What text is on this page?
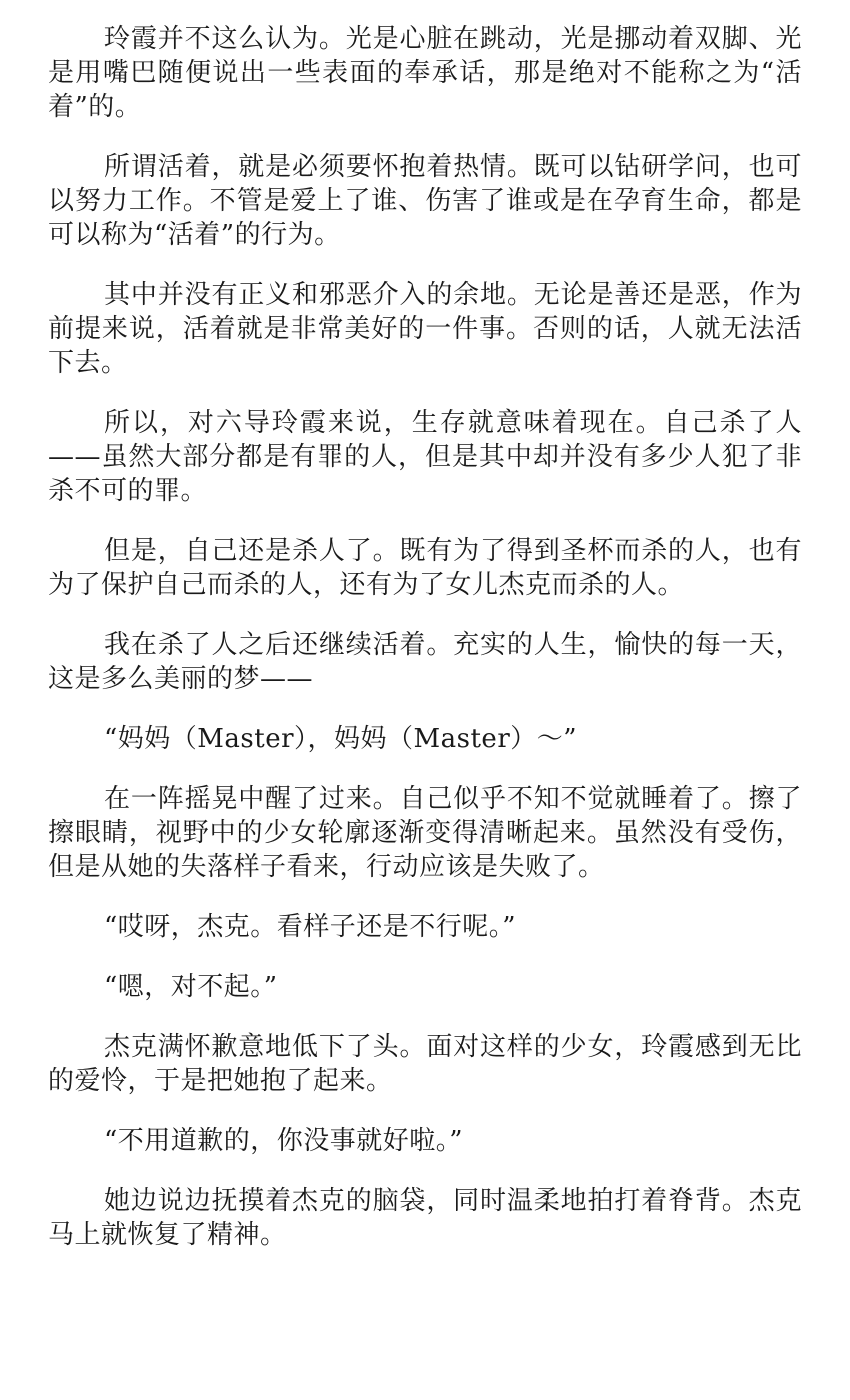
玲霞并不这么认为。光是心脏在跳动，光是挪动着双脚、光是用嘴巴随便说出一些表面的奉承话，那是绝对不能称之为“活着”的。

所谓活着，就是必须要怀抱着热情。既可以钻研学问，也可以努力工作。不管是爱上了谁、伤害了谁或是在孕育生命，都是可以称为“活着”的行为。

其中并没有正义和邪恶介入的余地。无论是善还是恶，作为前提来说，活着就是非常美好的一件事。否则的话，人就无法活下去。

所以，对六导玲霞来说，生存就意味着现在。自己杀了人——虽然大部分都是有罪的人，但是其中却并没有多少人犯了非杀不可的罪。

但是，自己还是杀人了。既有为了得到圣杯而杀的人，也有为了保护自己而杀的人，还有为了女儿杰克而杀的人。

我在杀了人之后还继续活着。充实的人生，愉快的每一天，这是多么美丽的梦——

“妈妈（Master），妈妈（Master）～”

在一阵摇晃中醒了过来。自己似乎不知不觉就睡着了。擦了擦眼睛，视野中的少女轮廓逐渐变得清晰起来。虽然没有受伤，但是从她的失落样子看来，行动应该是失败了。

“哎呀，杰克。看样子还是不行呢。”

“嗯，对不起。”

杰克满怀歉意地低下了头。面对这样的少女，玲霞感到无比的爱怜，于是把她抱了起来。

“不用道歉的，你没事就好啦。”

她边说边抚摸着杰克的脑袋，同时温柔地拍打着脊背。杰克马上就恢复了精神。
